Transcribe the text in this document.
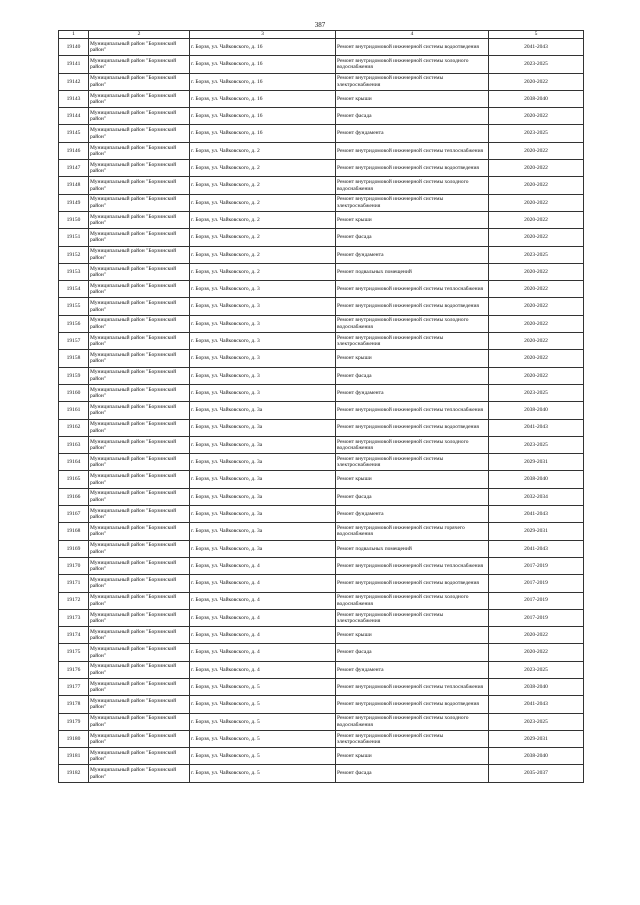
387
1	2	3	4	5
19140	Муниципальный район "Борзинский район"	г. Борзя, ул. Чайковского, д. 16	Ремонт внутридомовой инженерной системы водоотведения	2041-2043
19141	Муниципальный район "Борзинский район"	г. Борзя, ул. Чайковского, д. 16	Ремонт внутридомовой инженерной системы холодного водоснабжения	2023-2025
19142	Муниципальный район "Борзинский район"	г. Борзя, ул. Чайковского, д. 16	Ремонт внутридомовой инженерной системы электроснабжения	2020-2022
19143	Муниципальный район "Борзинский район"	г. Борзя, ул. Чайковского, д. 16	Ремонт крыши	2038-2040
19144	Муниципальный район "Борзинский район"	г. Борзя, ул. Чайковского, д. 16	Ремонт фасада	2020-2022
19145	Муниципальный район "Борзинский район"	г. Борзя, ул. Чайковского, д. 16	Ремонт фундамента	2023-2025
19146	Муниципальный район "Борзинский район"	г. Борзя, ул. Чайковского, д. 2	Ремонт внутридомовой инженерной системы теплоснабжения	2020-2022
19147	Муниципальный район "Борзинский район"	г. Борзя, ул. Чайковского, д. 2	Ремонт внутридомовой инженерной системы водоотведения	2020-2022
19148	Муниципальный район "Борзинский район"	г. Борзя, ул. Чайковского, д. 2	Ремонт внутридомовой инженерной системы холодного водоснабжения	2020-2022
19149	Муниципальный район "Борзинский район"	г. Борзя, ул. Чайковского, д. 2	Ремонт внутридомовой инженерной системы электроснабжения	2020-2022
19150	Муниципальный район "Борзинский район"	г. Борзя, ул. Чайковского, д. 2	Ремонт крыши	2020-2022
19151	Муниципальный район "Борзинский район"	г. Борзя, ул. Чайковского, д. 2	Ремонт фасада	2020-2022
19152	Муниципальный район "Борзинский район"	г. Борзя, ул. Чайковского, д. 2	Ремонт фундамента	2023-2025
19153	Муниципальный район "Борзинский район"	г. Борзя, ул. Чайковского, д. 2	Ремонт подвальных помещений	2020-2022
19154	Муниципальный район "Борзинский район"	г. Борзя, ул. Чайковского, д. 3	Ремонт внутридомовой инженерной системы теплоснабжения	2020-2022
19155	Муниципальный район "Борзинский район"	г. Борзя, ул. Чайковского, д. 3	Ремонт внутридомовой инженерной системы водоотведения	2020-2022
19156	Муниципальный район "Борзинский район"	г. Борзя, ул. Чайковского, д. 3	Ремонт внутридомовой инженерной системы холодного водоснабжения	2020-2022
19157	Муниципальный район "Борзинский район"	г. Борзя, ул. Чайковского, д. 3	Ремонт внутридомовой инженерной системы электроснабжения	2020-2022
19158	Муниципальный район "Борзинский район"	г. Борзя, ул. Чайковского, д. 3	Ремонт крыши	2020-2022
19159	Муниципальный район "Борзинский район"	г. Борзя, ул. Чайковского, д. 3	Ремонт фасада	2020-2022
19160	Муниципальный район "Борзинский район"	г. Борзя, ул. Чайковского, д. 3	Ремонт фундамента	2023-2025
19161	Муниципальный район "Борзинский район"	г. Борзя, ул. Чайковского, д. 3а	Ремонт внутридомовой инженерной системы теплоснабжения	2038-2040
19162	Муниципальный район "Борзинский район"	г. Борзя, ул. Чайковского, д. 3а	Ремонт внутридомовой инженерной системы водоотведения	2041-2043
19163	Муниципальный район "Борзинский район"	г. Борзя, ул. Чайковского, д. 3а	Ремонт внутридомовой инженерной системы холодного водоснабжения	2023-2025
19164	Муниципальный район "Борзинский район"	г. Борзя, ул. Чайковского, д. 3а	Ремонт внутридомовой инженерной системы электроснабжения	2029-2031
19165	Муниципальный район "Борзинский район"	г. Борзя, ул. Чайковского, д. 3а	Ремонт крыши	2038-2040
19166	Муниципальный район "Борзинский район"	г. Борзя, ул. Чайковского, д. 3а	Ремонт фасада	2032-2034
19167	Муниципальный район "Борзинский район"	г. Борзя, ул. Чайковского, д. 3а	Ремонт фундамента	2041-2043
19168	Муниципальный район "Борзинский район"	г. Борзя, ул. Чайковского, д. 3а	Ремонт внутридомовой инженерной системы горячего водоснабжения	2029-2031
19169	Муниципальный район "Борзинский район"	г. Борзя, ул. Чайковского, д. 3а	Ремонт подвальных помещений	2041-2043
19170	Муниципальный район "Борзинский район"	г. Борзя, ул. Чайковского, д. 4	Ремонт внутридомовой инженерной системы теплоснабжения	2017-2019
19171	Муниципальный район "Борзинский район"	г. Борзя, ул. Чайковского, д. 4	Ремонт внутридомовой инженерной системы водоотведения	2017-2019
19172	Муниципальный район "Борзинский район"	г. Борзя, ул. Чайковского, д. 4	Ремонт внутридомовой инженерной системы холодного водоснабжения	2017-2019
19173	Муниципальный район "Борзинский район"	г. Борзя, ул. Чайковского, д. 4	Ремонт внутридомовой инженерной системы электроснабжения	2017-2019
19174	Муниципальный район "Борзинский район"	г. Борзя, ул. Чайковского, д. 4	Ремонт крыши	2020-2022
19175	Муниципальный район "Борзинский район"	г. Борзя, ул. Чайковского, д. 4	Ремонт фасада	2020-2022
19176	Муниципальный район "Борзинский район"	г. Борзя, ул. Чайковского, д. 4	Ремонт фундамента	2023-2025
19177	Муниципальный район "Борзинский район"	г. Борзя, ул. Чайковского, д. 5	Ремонт внутридомовой инженерной системы теплоснабжения	2038-2040
19178	Муниципальный район "Борзинский район"	г. Борзя, ул. Чайковского, д. 5	Ремонт внутридомовой инженерной системы водоотведения	2041-2043
19179	Муниципальный район "Борзинский район"	г. Борзя, ул. Чайковского, д. 5	Ремонт внутридомовой инженерной системы холодного водоснабжения	2023-2025
19180	Муниципальный район "Борзинский район"	г. Борзя, ул. Чайковского, д. 5	Ремонт внутридомовой инженерной системы электроснабжения	2029-2031
19181	Муниципальный район "Борзинский район"	г. Борзя, ул. Чайковского, д. 5	Ремонт крыши	2038-2040
19182	Муниципальный район "Борзинский район"	г. Борзя, ул. Чайковского, д. 5	Ремонт фасада	2035-2037
